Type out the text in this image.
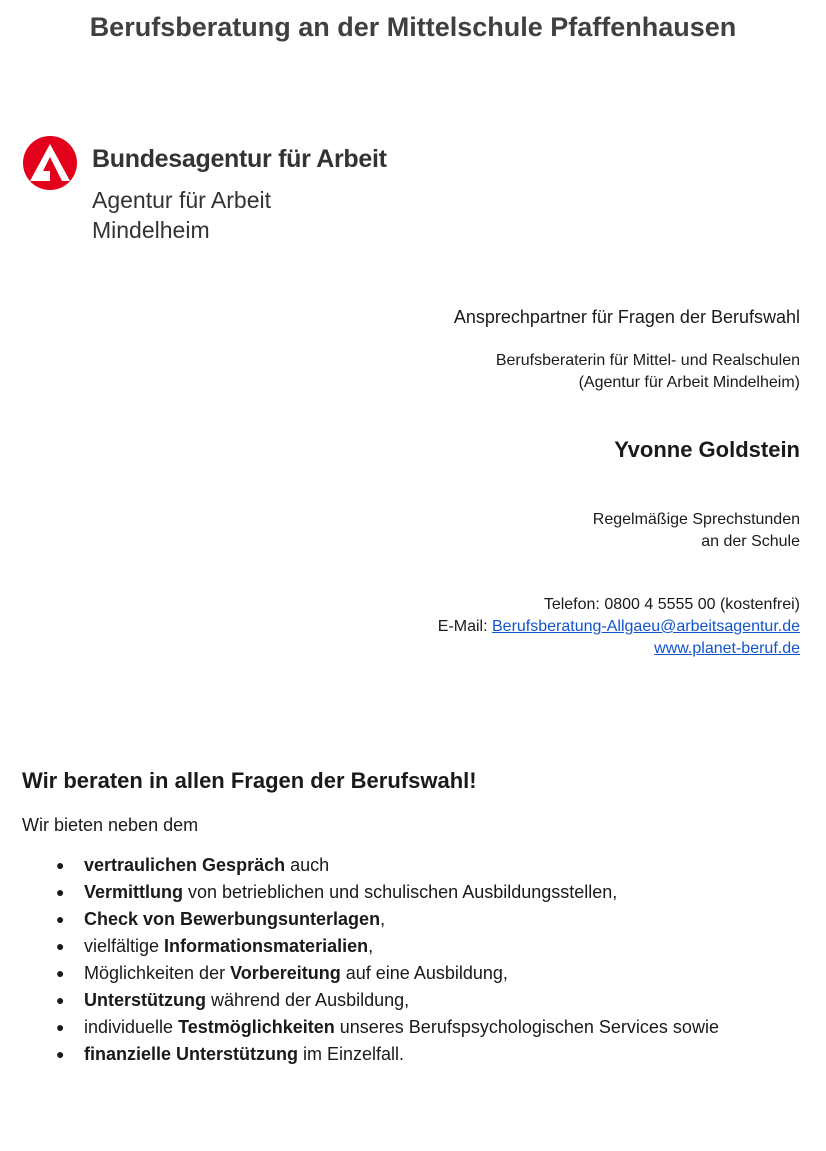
Berufsberatung an der Mittelschule Pfaffenhausen
Bundesagentur für Arbeit
Agentur für Arbeit
Mindelheim
Ansprechpartner für Fragen der Berufswahl
Berufsberaterin für Mittel- und Realschulen
(Agentur für Arbeit Mindelheim)
Yvonne Goldstein
Regelmäßige Sprechstunden
an der Schule
Telefon: 0800 4 5555 00 (kostenfrei)
E-Mail: Berufsberatung-Allgaeu@arbeitsagentur.de
www.planet-beruf.de
Wir beraten in allen Fragen der Berufswahl!
Wir bieten neben dem
● vertraulichen Gespräch auch
● Vermittlung von betrieblichen und schulischen Ausbildungsstellen,
● Check von Bewerbungsunterlagen,
● vielfältige Informationsmaterialien,
● Möglichkeiten der Vorbereitung auf eine Ausbildung,
● Unterstützung während der Ausbildung,
● individuelle Testmöglichkeiten unseres Berufspsychologischen Services sowie
● finanzielle Unterstützung im Einzelfall.
